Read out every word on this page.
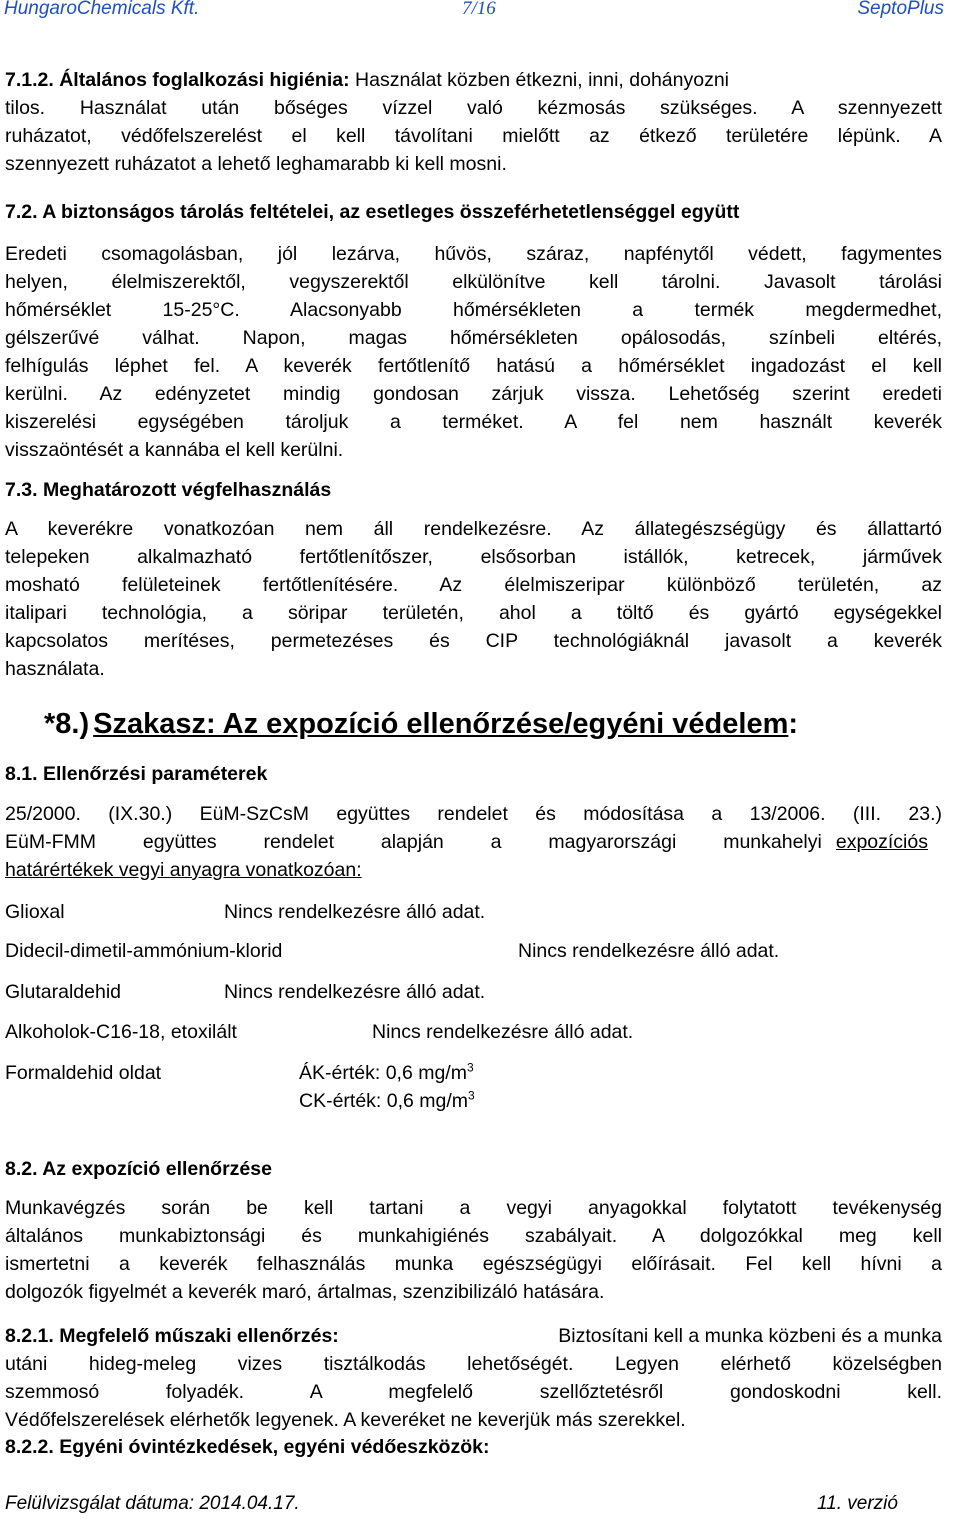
HungaroChemicals Kft.	7/16	SeptoPlus
7.1.2. Általános foglalkozási higiénia: Használat közben étkezni, inni, dohányozni
tilos. Használat után bőséges vízzel való kézmosás szükséges. A szennyezett
ruházatot, védőfelszerelést el kell távolítani mielőtt az étkező területére lépünk. A
szennyezett ruházatot a lehető leghamarabb ki kell mosni.
7.2. A biztonságos tárolás feltételei, az esetleges összeférhetetlenséggel együtt
Eredeti csomagolásban, jól lezárva, hűvös, száraz, napfénytől védett, fagymentes
helyen, élelmiszerektől, vegyszerektől elkülönítve kell tárolni. Javasolt tárolási
hőmérséklet 15-25°C. Alacsonyabb hőmérsékleten a termék megdermedhet,
gélszerűvé válhat. Napon, magas hőmérsékleten opálosodás, színbeli eltérés,
felhígulás léphet fel. A keverék fertőtlenítő hatású a hőmérséklet ingadozást el kell
kerülni. Az edényzetet mindig gondosan zárjuk vissza. Lehetőség szerint eredeti
kiszerelési egységében tároljuk a terméket. A fel nem használt keverék
visszaöntését a kannába el kell kerülni.
7.3. Meghatározott végfelhasználás
A keverékre vonatkozóan nem áll rendelkezésre. Az állategészségügy és állattartó
telepeken alkalmazható fertőtlenítőszer, elsősorban istállók, ketrecek, járművek
mosható felületeinek fertőtlenítésére. Az élelmiszeripar különböző területén, az
italipari technológia, a söripar területén, ahol a töltő és gyártó egységekkel
kapcsolatos merítéses, permetezéses és CIP technológiáknál javasolt a keverék
használata.
*8.) Szakasz: Az expozíció ellenőrzése/egyéni védelem:
8.1. Ellenőrzési paraméterek
25/2000. (IX.30.) EüM-SzCsM együttes rendelet és módosítása a 13/2006. (III. 23.)
EüM-FMM együttes rendelet alapján a magyarországi munkahelyi expozíciós
határértékek vegyi anyagra vonatkozóan:
Glioxal	Nincs rendelkezésre álló adat.
Didecil-dimetil-ammónium-klorid	Nincs rendelkezésre álló adat.
Glutaraldehid	Nincs rendelkezésre álló adat.
Alkoholok-C16-18, etoxilált	Nincs rendelkezésre álló adat.
Formaldehid oldat	ÁK-érték: 0,6 $mg/m^3$
CK-érték: 0,6 $mg/m^3$
8.2. Az expozíció ellenőrzése
Munkavégzés során be kell tartani a vegyi anyagokkal folytatott tevékenység
általános munkabiztonsági és munkahigiénés szabályait. A dolgozókkal meg kell
ismertetni a keverék felhasználás munka egészségügyi előírásait. Fel kell hívni a
dolgozók figyelmét a keverék maró, ártalmas, szenzibilizáló hatására.
8.2.1. Megfelelő műszaki ellenőrzés:	Biztosítani kell a munka közbeni és a munka
utáni hideg-meleg vizes tisztálkodás lehetőségét. Legyen elérhető közelségben
szemmosó folyadék. A megfelelő szellőztetésről gondoskodni kell.
Védőfelszerelések elérhetők legyenek. A keveréket ne keverjük más szerekkel.
8.2.2. Egyéni óvintézkedések, egyéni védőeszközök:
Felülvizsgálat dátuma: 2014.04.17.	11. verzió
